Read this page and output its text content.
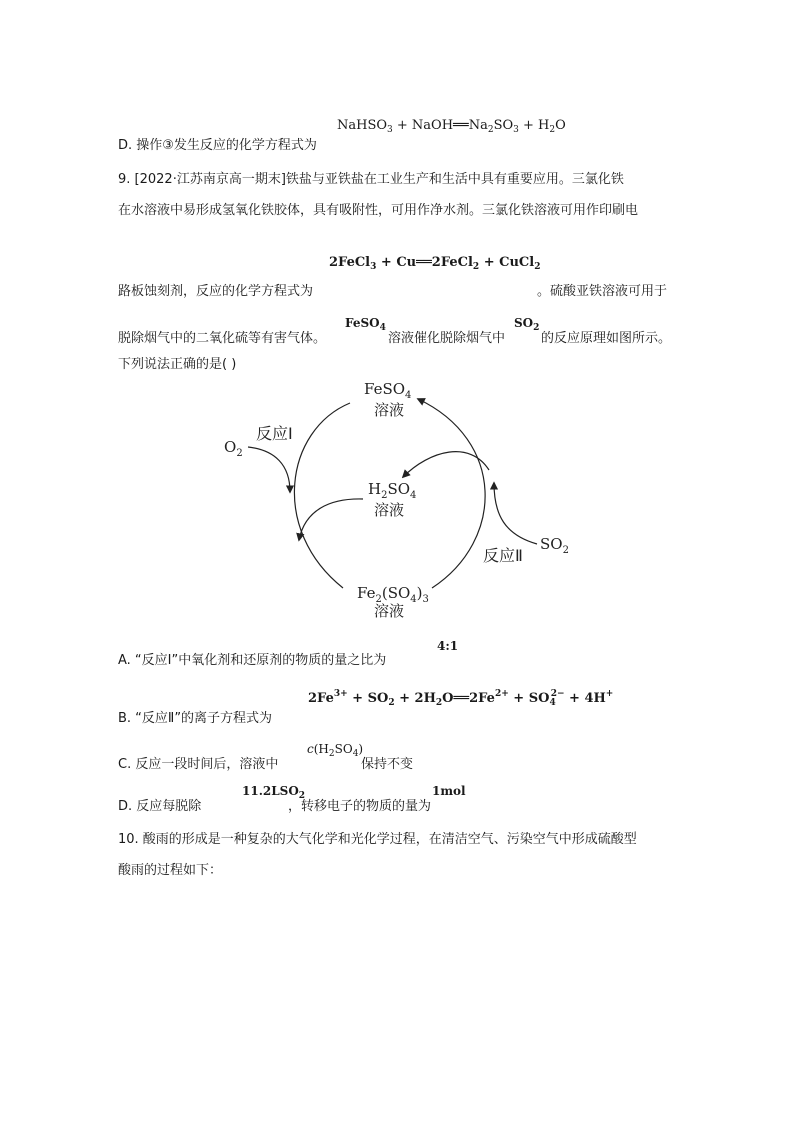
NaHSO$_3$ + $NaOH══Na_2SO_3 + H_2O$
D. 操作③发生反应的化学方程式为
9. [2022·江苏南京高一期末]铁盐与亚铁盐在工业生产和生活中具有重要应用。三氯化铁
在水溶液中易形成氢氧化铁胶体，具有吸附性，可用作净水剂。三氯化铁溶液可用作印刷电
2FeCl$_3$ + Cu══2FeCl$_2$ + CuCl$_2$
路板蚀刻剂，反应的化学方程式为	。硫酸亚铁溶液可用于
脱除烟气中的二氧化硫等有害气体。
FeSO$_4$
溶液催化脱除烟气中
$SO_2$
的反应原理如图所示。
下列说法正确的是( )
FeSO$_4$
溶液
$H_2SO_4$
溶液
$Fe_2(SO_4)_3$
溶液
$O_2$
$SO_2$
反应Ⅰ
反应Ⅱ
A. “反应Ⅰ”中氧化剂和还原剂的物质的量之比为
4:1
$2Fe^{3+} + SO_2$ + $2H_2O══2Fe^{2+} + SO_4^{2-} + 4H^+$
B. “反应Ⅱ”的离子方程式为
C. 反应一段时间后，溶液中
$c(H_2SO_4)$
保持不变
D. 反应每脱除
$11.2LSO_2$
，转移电子的物质的量为
1mol
10. 酸雨的形成是一种复杂的大气化学和光化学过程，在清洁空气、污染空气中形成硫酸型
酸雨的过程如下：
